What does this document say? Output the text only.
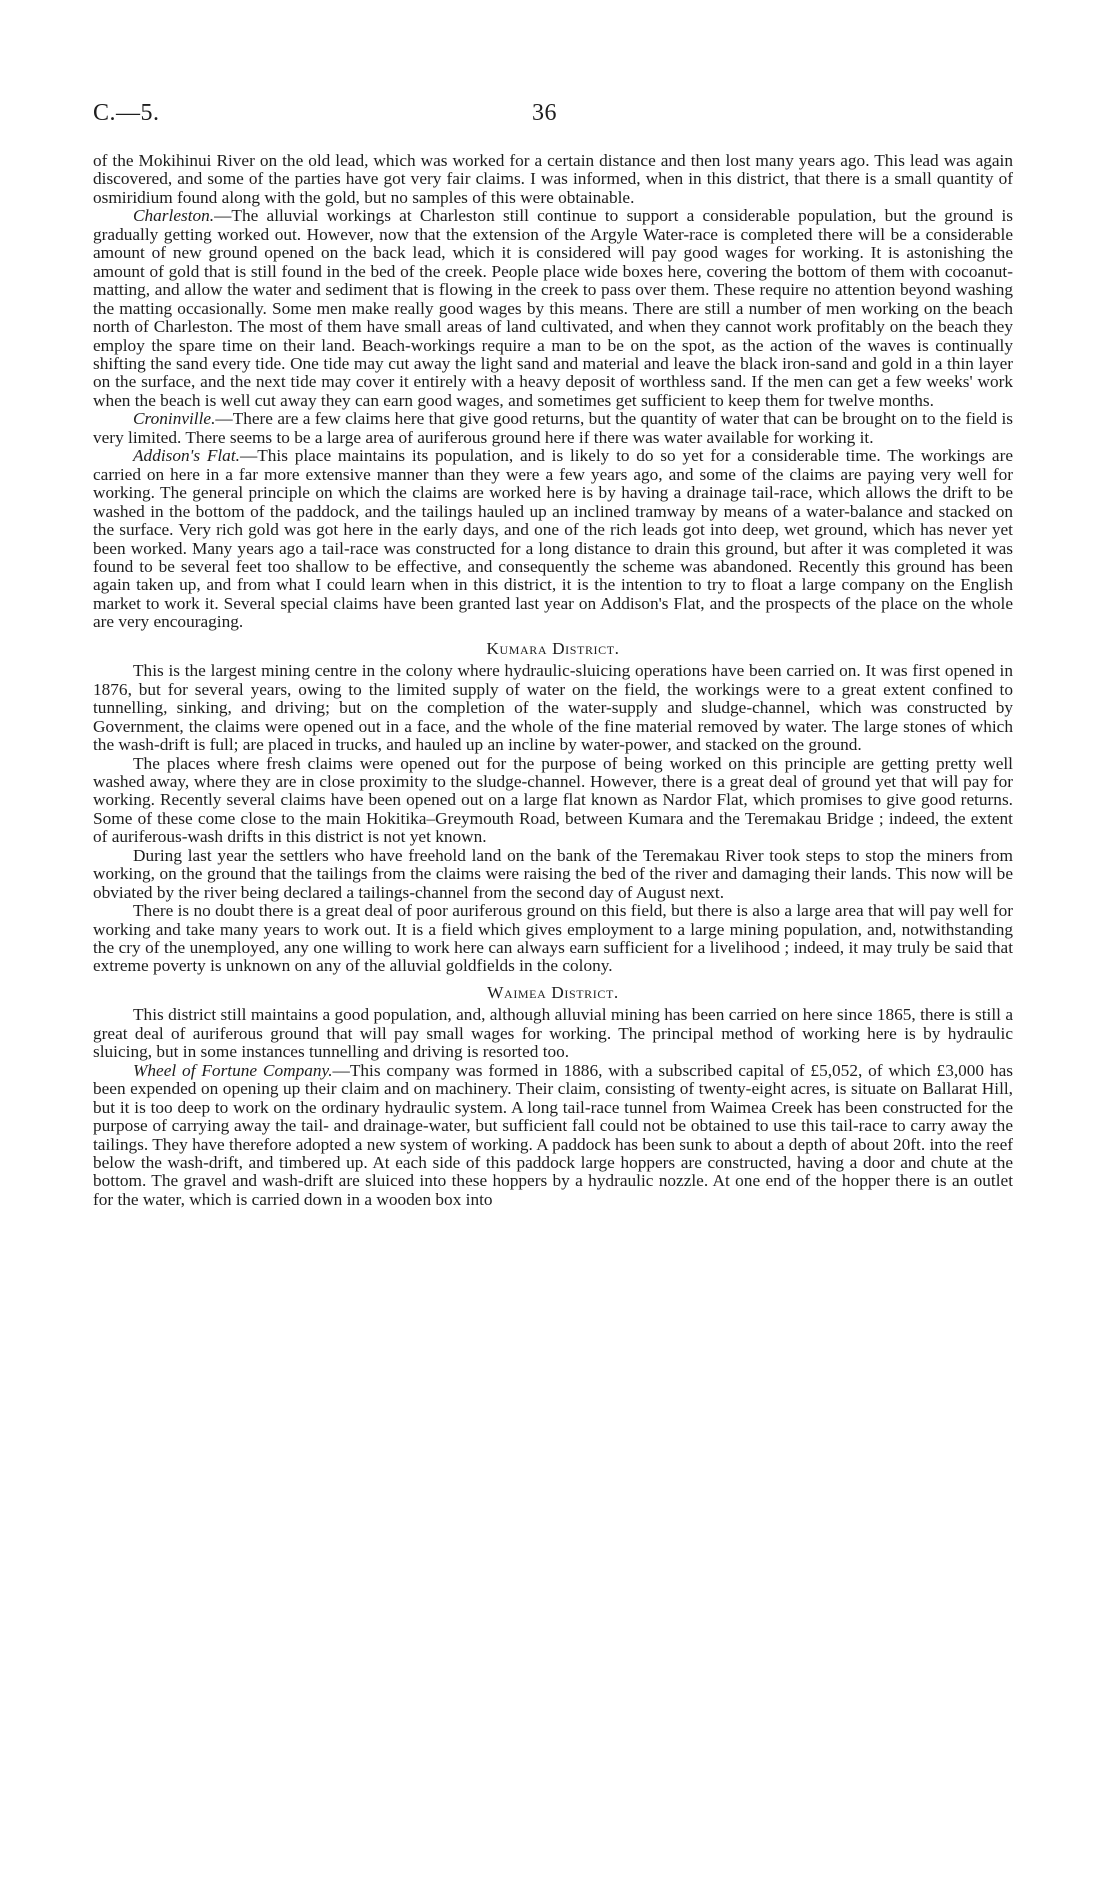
C.—5.	36

of the Mokihinui River on the old lead, which was worked for a certain distance and then lost many years ago. This lead was again discovered, and some of the parties have got very fair claims. I was informed, when in this district, that there is a small quantity of osmiridium found along with the gold, but no samples of this were obtainable.

Charleston.—The alluvial workings at Charleston still continue to support a considerable population, but the ground is gradually getting worked out. However, now that the extension of the Argyle Water-race is completed there will be a considerable amount of new ground opened on the back lead, which it is considered will pay good wages for working. It is astonishing the amount of gold that is still found in the bed of the creek. People place wide boxes here, covering the bottom of them with cocoanut-matting, and allow the water and sediment that is flowing in the creek to pass over them. These require no attention beyond washing the matting occasionally. Some men make really good wages by this means. There are still a number of men working on the beach north of Charleston. The most of them have small areas of land cultivated, and when they cannot work profitably on the beach they employ the spare time on their land. Beach-workings require a man to be on the spot, as the action of the waves is continually shifting the sand every tide. One tide may cut away the light sand and material and leave the black iron-sand and gold in a thin layer on the surface, and the next tide may cover it entirely with a heavy deposit of worthless sand. If the men can get a few weeks' work when the beach is well cut away they can earn good wages, and sometimes get sufficient to keep them for twelve months.

Croninville.—There are a few claims here that give good returns, but the quantity of water that can be brought on to the field is very limited. There seems to be a large area of auriferous ground here if there was water available for working it.

Addison's Flat.—This place maintains its population, and is likely to do so yet for a considerable time. The workings are carried on here in a far more extensive manner than they were a few years ago, and some of the claims are paying very well for working. The general principle on which the claims are worked here is by having a drainage tail-race, which allows the drift to be washed in the bottom of the paddock, and the tailings hauled up an inclined tramway by means of a water-balance and stacked on the surface. Very rich gold was got here in the early days, and one of the rich leads got into deep, wet ground, which has never yet been worked. Many years ago a tail-race was constructed for a long distance to drain this ground, but after it was completed it was found to be several feet too shallow to be effective, and consequently the scheme was abandoned. Recently this ground has been again taken up, and from what I could learn when in this district, it is the intention to try to float a large company on the English market to work it. Several special claims have been granted last year on Addison's Flat, and the prospects of the place on the whole are very encouraging.

Kumara District.

This is the largest mining centre in the colony where hydraulic-sluicing operations have been carried on. It was first opened in 1876, but for several years, owing to the limited supply of water on the field, the workings were to a great extent confined to tunnelling, sinking, and driving; but on the completion of the water-supply and sludge-channel, which was constructed by Government, the claims were opened out in a face, and the whole of the fine material removed by water. The large stones of which the wash-drift is full; are placed in trucks, and hauled up an incline by water-power, and stacked on the ground.

The places where fresh claims were opened out for the purpose of being worked on this principle are getting pretty well washed away, where they are in close proximity to the sludge-channel. However, there is a great deal of ground yet that will pay for working. Recently several claims have been opened out on a large flat known as Nardor Flat, which promises to give good returns. Some of these come close to the main Hokitika–Greymouth Road, between Kumara and the Teremakau Bridge ; indeed, the extent of auriferous-wash drifts in this district is not yet known.

During last year the settlers who have freehold land on the bank of the Teremakau River took steps to stop the miners from working, on the ground that the tailings from the claims were raising the bed of the river and damaging their lands. This now will be obviated by the river being declared a tailings-channel from the second day of August next.

There is no doubt there is a great deal of poor auriferous ground on this field, but there is also a large area that will pay well for working and take many years to work out. It is a field which gives employment to a large mining population, and, notwithstanding the cry of the unemployed, any one willing to work here can always earn sufficient for a livelihood ; indeed, it may truly be said that extreme poverty is unknown on any of the alluvial goldfields in the colony.

Waimea District.

This district still maintains a good population, and, although alluvial mining has been carried on here since 1865, there is still a great deal of auriferous ground that will pay small wages for working. The principal method of working here is by hydraulic sluicing, but in some instances tunnelling and driving is resorted too.

Wheel of Fortune Company.—This company was formed in 1886, with a subscribed capital of £5,052, of which £3,000 has been expended on opening up their claim and on machinery. Their claim, consisting of twenty-eight acres, is situate on Ballarat Hill, but it is too deep to work on the ordinary hydraulic system. A long tail-race tunnel from Waimea Creek has been constructed for the purpose of carrying away the tail- and drainage-water, but sufficient fall could not be obtained to use this tail-race to carry away the tailings. They have therefore adopted a new system of working. A paddock has been sunk to about a depth of about 20ft. into the reef below the wash-drift, and timbered up. At each side of this paddock large hoppers are constructed, having a door and chute at the bottom. The gravel and wash-drift are sluiced into these hoppers by a hydraulic nozzle. At one end of the hopper there is an outlet for the water, which is carried down in a wooden box into
